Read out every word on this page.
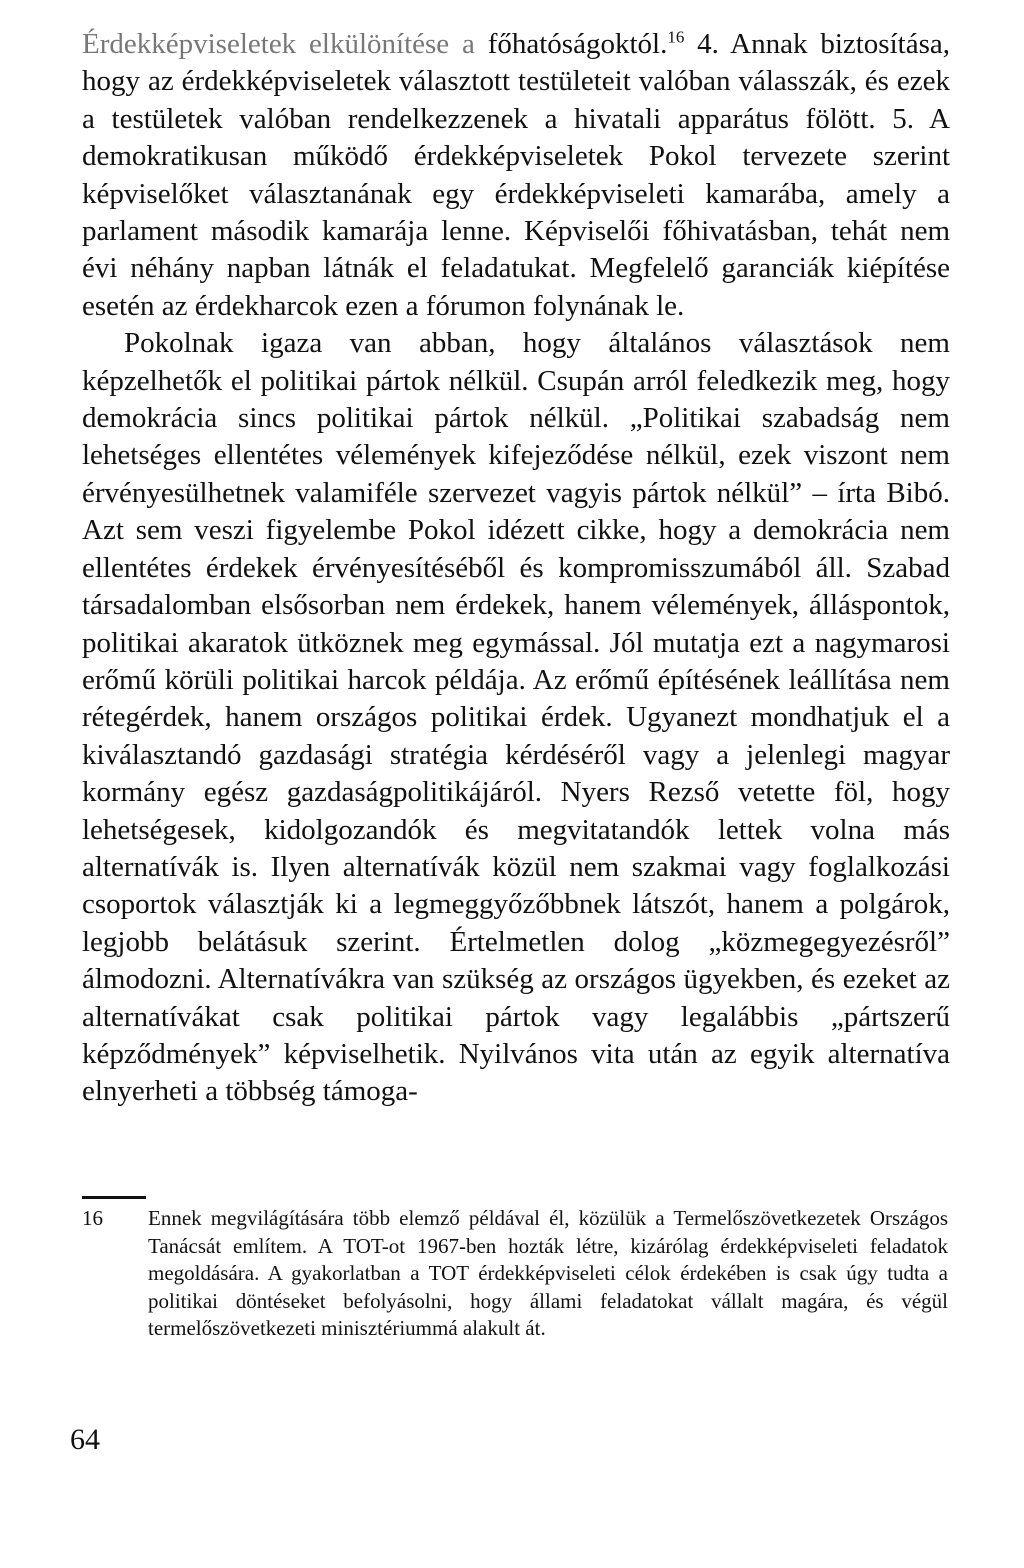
Érdekképviseletek elkülönítése a főhatóságoktól.$^{16}$ 4. Annak biztosítása, hogy az érdekképviseletek választott testületeit valóban válasszák, és ezek a testületek valóban rendelkezzenek a hivatali apparátus fölött. 5. A demokratikusan működő érdekképviseletek Pokol tervezete szerint képviselőket választanának egy érdekképviseleti kamarába, amely a parlament második kamarája lenne. Képviselői főhivatásban, tehát nem évi néhány napban látnák el feladatukat. Megfelelő garanciák kiépítése esetén az érdekharcok ezen a fórumon folynának le.

Pokolnak igaza van abban, hogy általános választások nem képzelhetők el politikai pártok nélkül. Csupán arról feledkezik meg, hogy demokrácia sincs politikai pártok nélkül. „Politikai szabadság nem lehetséges ellentétes vélemények kifejeződése nélkül, ezek viszont nem érvényesülhetnek valamiféle szervezet vagyis pártok nélkül” – írta Bibó. Azt sem veszi figyelembe Pokol idézett cikke, hogy a demokrácia nem ellentétes érdekek érvényesítéséből és kompromisszumából áll. Szabad társadalomban elsősorban nem érdekek, hanem vélemények, álláspontok, politikai akaratok ütköznek meg egymással. Jól mutatja ezt a nagymarosi erőmű körüli politikai harcok példája. Az erőmű építésének leállítása nem rétegérdek, hanem országos politikai érdek. Ugyanezt mondhatjuk el a kiválasztandó gazdasági stratégia kérdéséről vagy a jelenlegi magyar kormány egész gazdaságpolitikájáról. Nyers Rezső vetette föl, hogy lehetségesek, kidolgozandók és megvitatandók lettek volna más alternatívák is. Ilyen alternatívák közül nem szakmai vagy foglalkozási csoportok választják ki a legmeggyőzőbbnek látszót, hanem a polgárok, legjobb belátásuk szerint. Értelmetlen dolog „közmegegyezésről” álmodozni. Alternatívákra van szükség az országos ügyekben, és ezeket az alternatívákat csak politikai pártok vagy legalábbis „pártszerű képződmények” képviselhetik. Nyilvános vita után az egyik alternatíva elnyerheti a többség támoga-

16	Ennek megvilágítására több elemző példával él, közülük a Termelőszövetkezetek Országos Tanácsát említem. A TOT-ot 1967-ben hozták létre, kizárólag érdekképviseleti feladatok megoldására. A gyakorlatban a TOT érdekképviseleti célok érdekében is csak úgy tudta a politikai döntéseket befolyásolni, hogy állami feladatokat vállalt magára, és végül termelőszövetkezeti minisztériummá alakult át.
64
